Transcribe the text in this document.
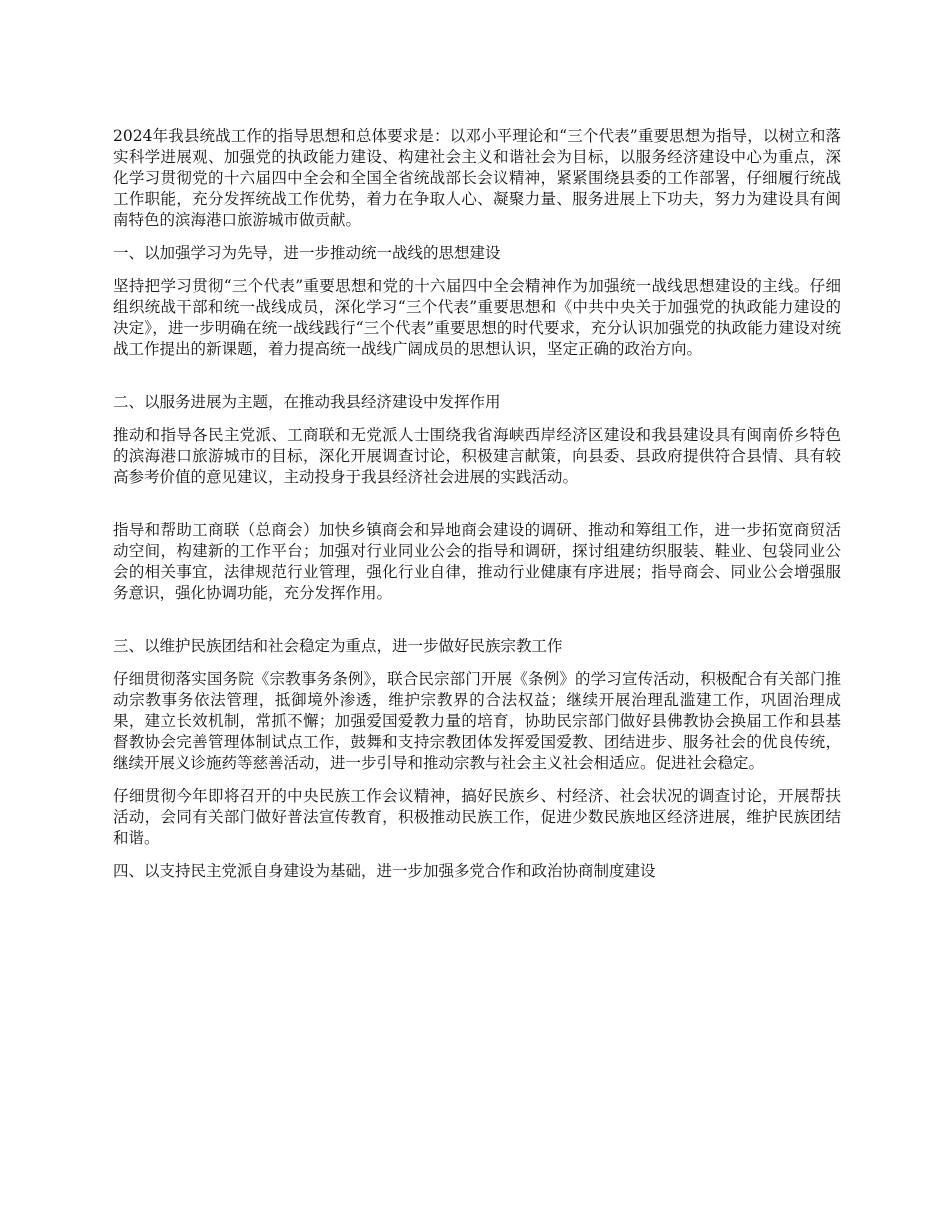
2024年我县统战工作的指导思想和总体要求是：以邓小平理论和“三个代表”重要思想为指导，以树立和落实科学进展观、加强党的执政能力建设、构建社会主义和谐社会为目标，以服务经济建设中心为重点，深化学习贯彻党的十六届四中全会和全国全省统战部长会议精神，紧紧围绕县委的工作部署，仔细履行统战工作职能，充分发挥统战工作优势，着力在争取人心、凝聚力量、服务进展上下功夫，努力为建设具有闽南特色的滨海港口旅游城市做贡献。

一、以加强学习为先导，进一步推动统一战线的思想建设

坚持把学习贯彻“三个代表”重要思想和党的十六届四中全会精神作为加强统一战线思想建设的主线。仔细组织统战干部和统一战线成员，深化学习“三个代表”重要思想和《中共中央关于加强党的执政能力建设的决定》，进一步明确在统一战线践行“三个代表”重要思想的时代要求，充分认识加强党的执政能力建设对统战工作提出的新课题，着力提高统一战线广阔成员的思想认识，坚定正确的政治方向。

二、以服务进展为主题，在推动我县经济建设中发挥作用

推动和指导各民主党派、工商联和无党派人士围绕我省海峡西岸经济区建设和我县建设具有闽南侨乡特色的滨海港口旅游城市的目标，深化开展调查讨论，积极建言献策，向县委、县政府提供符合县情、具有较高参考价值的意见建议，主动投身于我县经济社会进展的实践活动。

指导和帮助工商联（总商会）加快乡镇商会和异地商会建设的调研、推动和筹组工作，进一步拓宽商贸活动空间，构建新的工作平台；加强对行业同业公会的指导和调研，探讨组建纺织服装、鞋业、包袋同业公会的相关事宜，法律规范行业管理，强化行业自律，推动行业健康有序进展；指导商会、同业公会增强服务意识，强化协调功能，充分发挥作用。

三、以维护民族团结和社会稳定为重点，进一步做好民族宗教工作

仔细贯彻落实国务院《宗教事务条例》，联合民宗部门开展《条例》的学习宣传活动，积极配合有关部门推动宗教事务依法管理，抵御境外渗透，维护宗教界的合法权益；继续开展治理乱滥建工作，巩固治理成果，建立长效机制，常抓不懈；加强爱国爱教力量的培育，协助民宗部门做好县佛教协会换届工作和县基督教协会完善管理体制试点工作，鼓舞和支持宗教团体发挥爱国爱教、团结进步、服务社会的优良传统，继续开展义诊施药等慈善活动，进一步引导和推动宗教与社会主义社会相适应。促进社会稳定。

仔细贯彻今年即将召开的中央民族工作会议精神，搞好民族乡、村经济、社会状况的调查讨论，开展帮扶活动，会同有关部门做好普法宣传教育，积极推动民族工作，促进少数民族地区经济进展，维护民族团结和谐。

四、以支持民主党派自身建设为基础，进一步加强多党合作和政治协商制度建设
